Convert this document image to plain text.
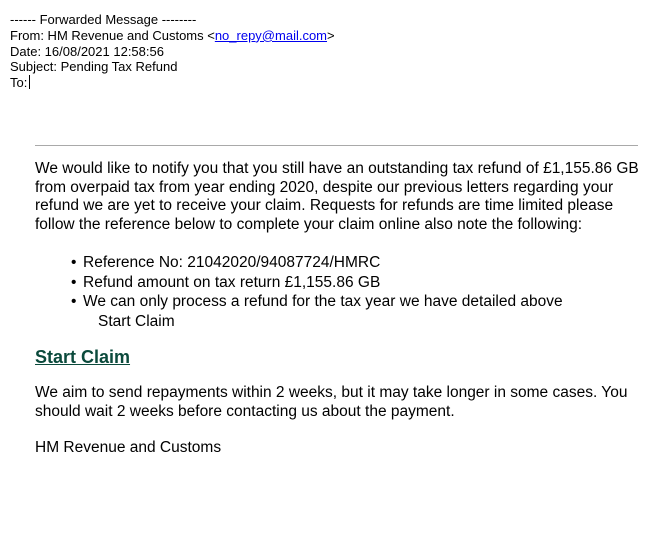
------ Forwarded Message --------
From: HM Revenue and Customs <no_repy@mail.com>
Date: 16/08/2021 12:58:56
Subject: Pending Tax Refund
To:

We would like to notify you that you still have an outstanding tax refund of £1,155.86 GB from overpaid tax from year ending 2020, despite our previous letters regarding your refund we are yet to receive your claim. Requests for refunds are time limited please follow the reference below to complete your claim online also note the following:

• Reference No: 21042020/94087724/HMRC
• Refund amount on tax return £1,155.86 GB
• We can only process a refund for the tax year we have detailed above

Start Claim

Start Claim

We aim to send repayments within 2 weeks, but it may take longer in some cases. You should wait 2 weeks before contacting us about the payment.

HM Revenue and Customs
